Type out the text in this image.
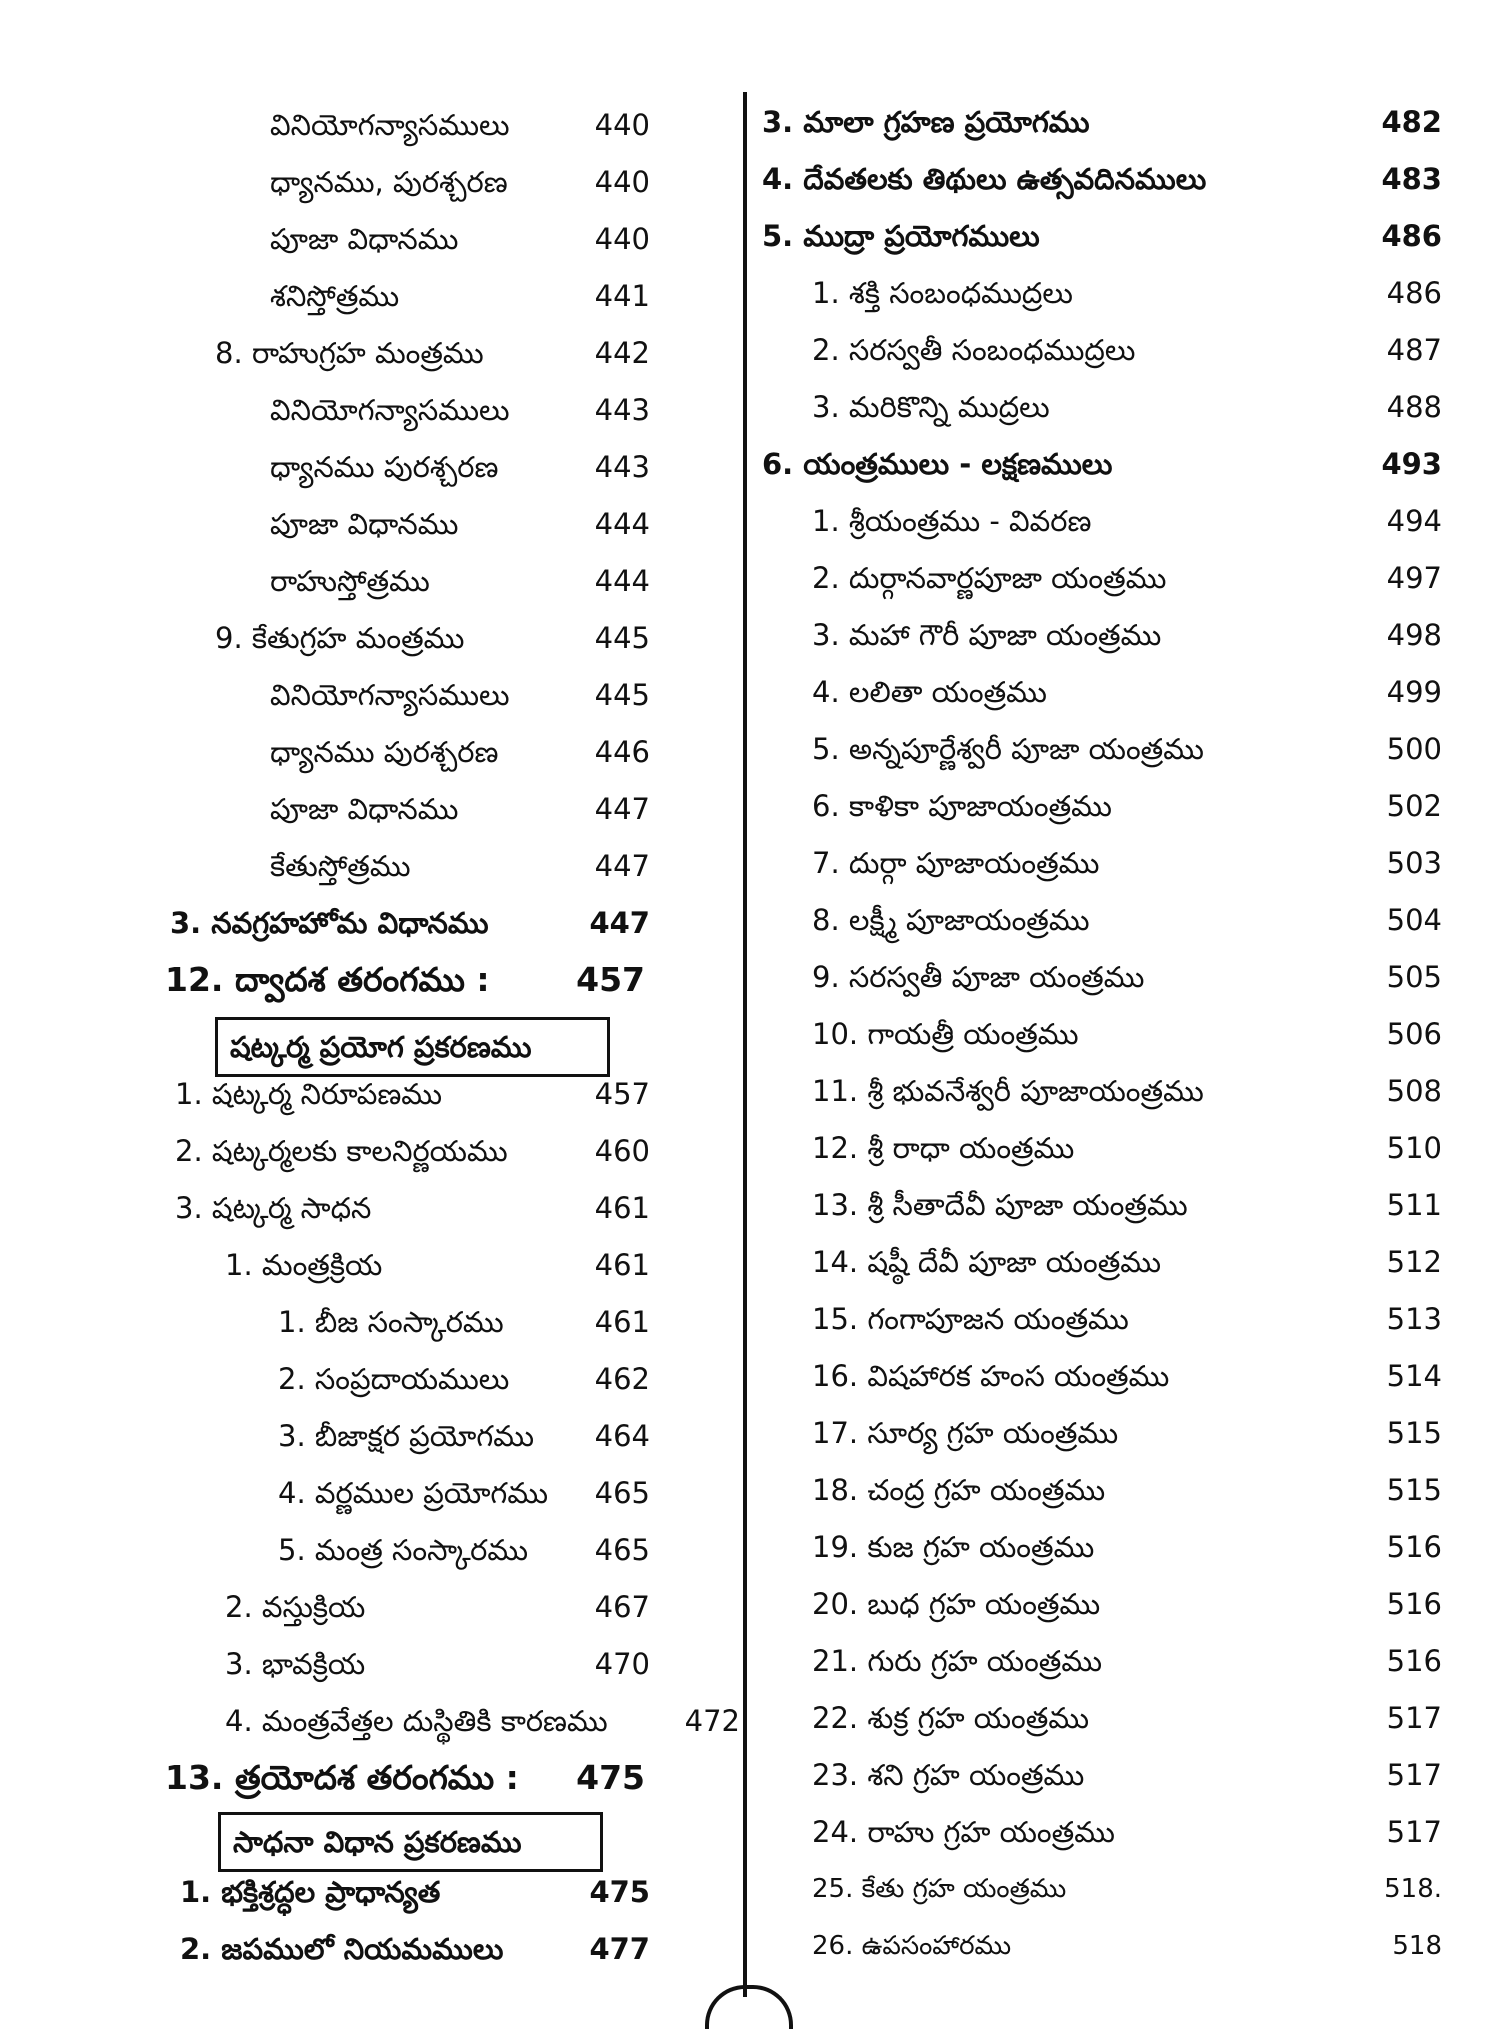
వినియోగన్యాసములు	440
ధ్యానము, పురశ్చరణ	440
పూజా విధానము	440
శనిస్తోత్రము	441
8. రాహుగ్రహ మంత్రము	442
వినియోగన్యాసములు	443
ధ్యానము పురశ్చరణ	443
పూజా విధానము	444
రాహుస్తోత్రము	444
9. కేతుగ్రహ మంత్రము	445
వినియోగన్యాసములు	445
ధ్యానము పురశ్చరణ	446
పూజా విధానము	447
కేతుస్తోత్రము	447
3. నవగ్రహహోమ విధానము	447
12. ద్వాదశ తరంగము :	457
షట్కర్మ ప్రయోగ ప్రకరణము
1. షట్కర్మ నిరూపణము	457
2. షట్కర్మలకు కాలనిర్ణయము	460
3. షట్కర్మ సాధన	461
1. మంత్రక్రియ	461
1. బీజ సంస్కారము	461
2. సంప్రదాయములు	462
3. బీజాక్షర ప్రయోగము	464
4. వర్ణముల ప్రయోగము	465
5. మంత్ర సంస్కారము	465
2. వస్తుక్రియ	467
3. భావక్రియ	470
4. మంత్రవేత్తల దుస్థితికి కారణము	472
13. త్రయోదశ తరంగము :	475
సాధనా విధాన ప్రకరణము
1. భక్తిశ్రద్ధల ప్రాధాన్యత	475
2. జపములో నియమములు	477
3. మాలా గ్రహణ ప్రయోగము	482
4. దేవతలకు తిథులు ఉత్సవదినములు	483
5. ముద్రా ప్రయోగములు	486
1. శక్తి సంబంధముద్రలు	486
2. సరస్వతీ సంబంధముద్రలు	487
3. మరికొన్ని ముద్రలు	488
6. యంత్రములు - లక్షణములు	493
1. శ్రీయంత్రము - వివరణ	494
2. దుర్గానవార్ణపూజా యంత్రము	497
3. మహా గౌరీ పూజా యంత్రము	498
4. లలితా యంత్రము	499
5. అన్నపూర్ణేశ్వరీ పూజా యంత్రము	500
6. కాళికా పూజాయంత్రము	502
7. దుర్గా పూజాయంత్రము	503
8. లక్ష్మీ పూజాయంత్రము	504
9. సరస్వతీ పూజా యంత్రము	505
10. గాయత్రీ యంత్రము	506
11. శ్రీ భువనేశ్వరీ పూజాయంత్రము	508
12. శ్రీ రాధా యంత్రము	510
13. శ్రీ సీతాదేవీ పూజా యంత్రము	511
14. షష్ఠీ దేవీ పూజా యంత్రము	512
15. గంగాపూజన యంత్రము	513
16. విషహారక హంస యంత్రము	514
17. సూర్య గ్రహ యంత్రము	515
18. చంద్ర గ్రహ యంత్రము	515
19. కుజ గ్రహ యంత్రము	516
20. బుధ గ్రహ యంత్రము	516
21. గురు గ్రహ యంత్రము	516
22. శుక్ర గ్రహ యంత్రము	517
23. శని గ్రహ యంత్రము	517
24. రాహు గ్రహ యంత్రము	517
25. కేతు గ్రహ యంత్రము	518.
26. ఉపసంహారము	518
